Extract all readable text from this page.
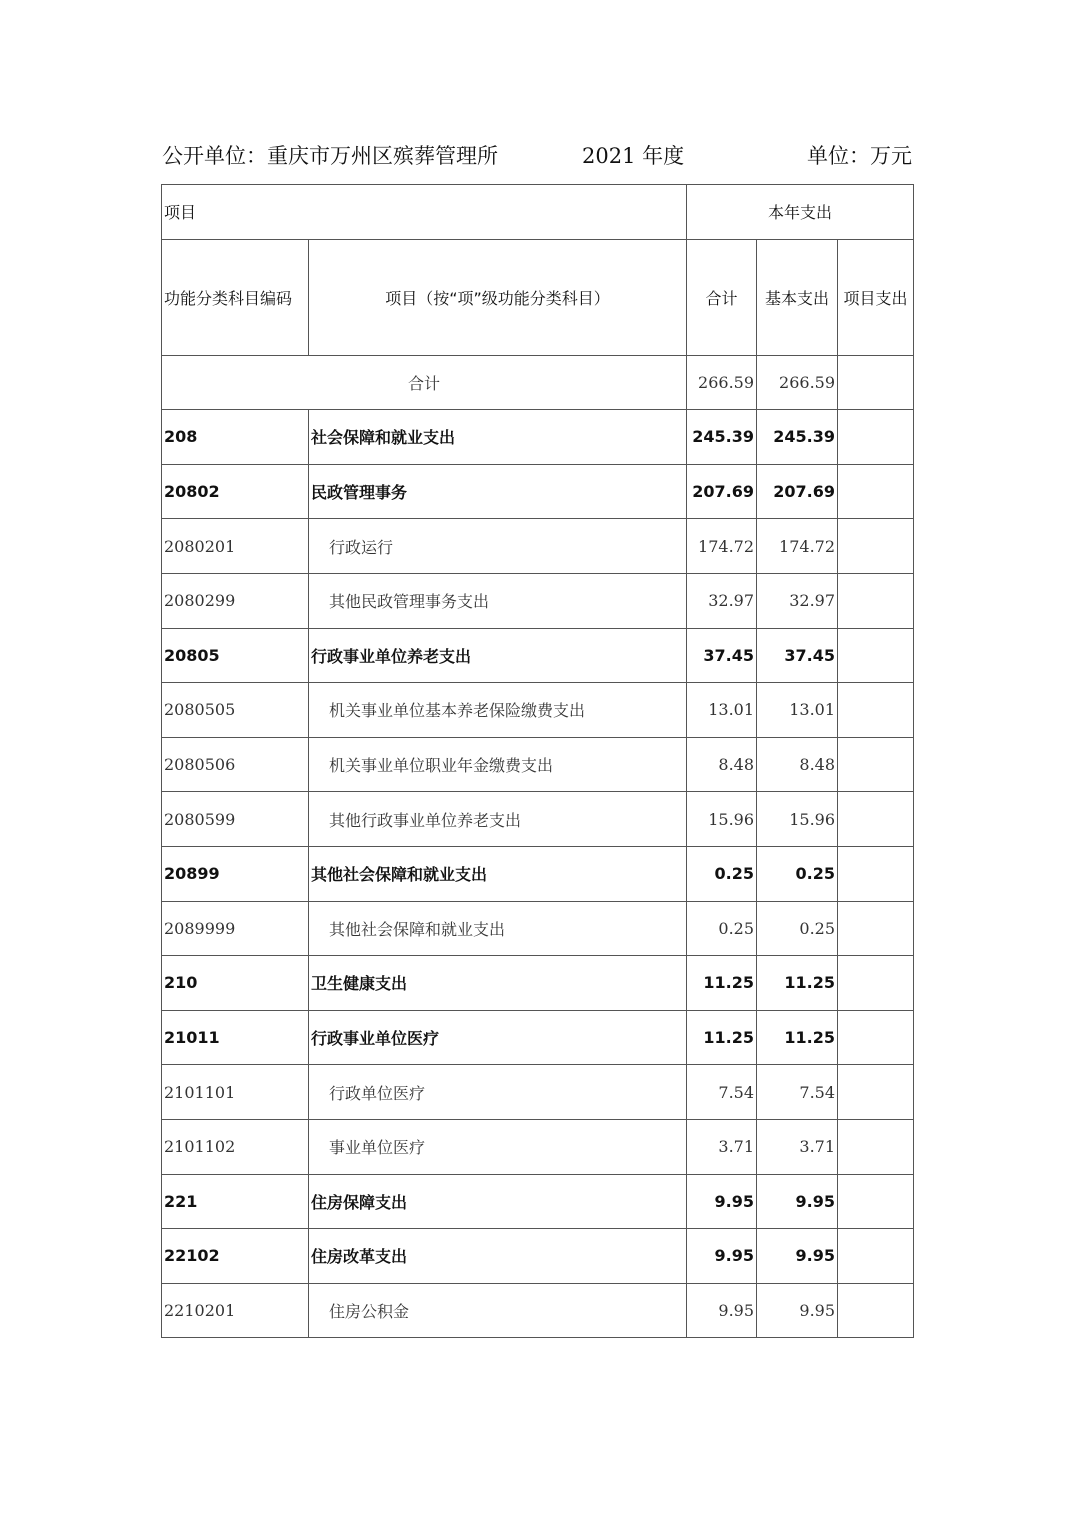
公开单位：重庆市万州区殡葬管理所	2021 年度	单位：万元
项目		本年支出		
功能分类科目编码	项目（按“项”级功能分类科目）	合计	基本支出	项目支出
合计		266.59	266.59	
208	社会保障和就业支出	245.39	245.39	
20802	民政管理事务	207.69	207.69	
2080201	行政运行	174.72	174.72	
2080299	其他民政管理事务支出	32.97	32.97	
20805	行政事业单位养老支出	37.45	37.45	
2080505	机关事业单位基本养老保险缴费支出	13.01	13.01	
2080506	机关事业单位职业年金缴费支出	8.48	8.48	
2080599	其他行政事业单位养老支出	15.96	15.96	
20899	其他社会保障和就业支出	0.25	0.25	
2089999	其他社会保障和就业支出	0.25	0.25	
210	卫生健康支出	11.25	11.25	
21011	行政事业单位医疗	11.25	11.25	
2101101	行政单位医疗	7.54	7.54	
2101102	事业单位医疗	3.71	3.71	
221	住房保障支出	9.95	9.95	
22102	住房改革支出	9.95	9.95	
2210201	住房公积金	9.95	9.95	
